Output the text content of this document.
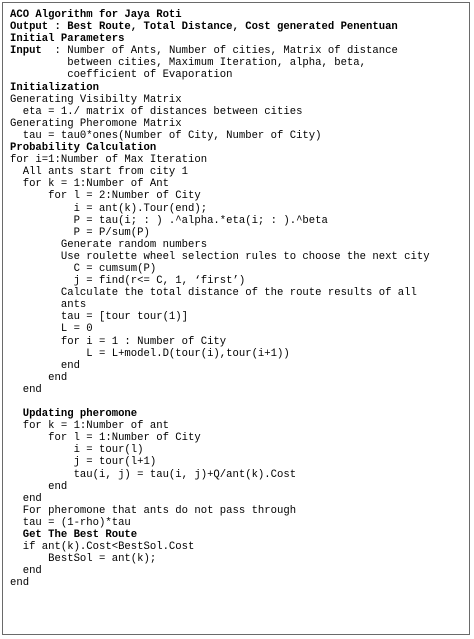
ACO Algorithm for Jaya Roti
Output : Best Route, Total Distance, Cost generated Penentuan
Initial Parameters
Input  : Number of Ants, Number of cities, Matrix of distance
between cities, Maximum Iteration, alpha, beta,
coefficient of Evaporation
Initialization
Generating Visibilty Matrix
eta = 1./ matrix of distances between cities
Generating Pheromone Matrix
tau = tau0*ones(Number of City, Number of City)
Probability Calculation
for i=1:Number of Max Iteration
All ants start from city 1
for k = 1:Number of Ant
for l = 2:Number of City
i = ant(k).Tour(end);
P = tau(i; : ) .^alpha.*eta(i; : ).^beta
P = P/sum(P)
Generate random numbers
Use roulette wheel selection rules to choose the next city
C = cumsum(P)
j = find(r<= C, 1, ‘first’)
Calculate the total distance of the route results of all
ants
tau = [tour tour(1)]
L = 0
for i = 1 : Number of City
L = L+model.D(tour(i),tour(i+1))
end
end
end
Updating pheromone
for k = 1:Number of ant
for l = 1:Number of City
i = tour(l)
j = tour(l+1)
tau(i, j) = tau(i, j)+Q/ant(k).Cost
end
end
For pheromone that ants do not pass through
tau = (1-rho)*tau
Get The Best Route
if ant(k).Cost<BestSol.Cost
BestSol = ant(k);
end
end
